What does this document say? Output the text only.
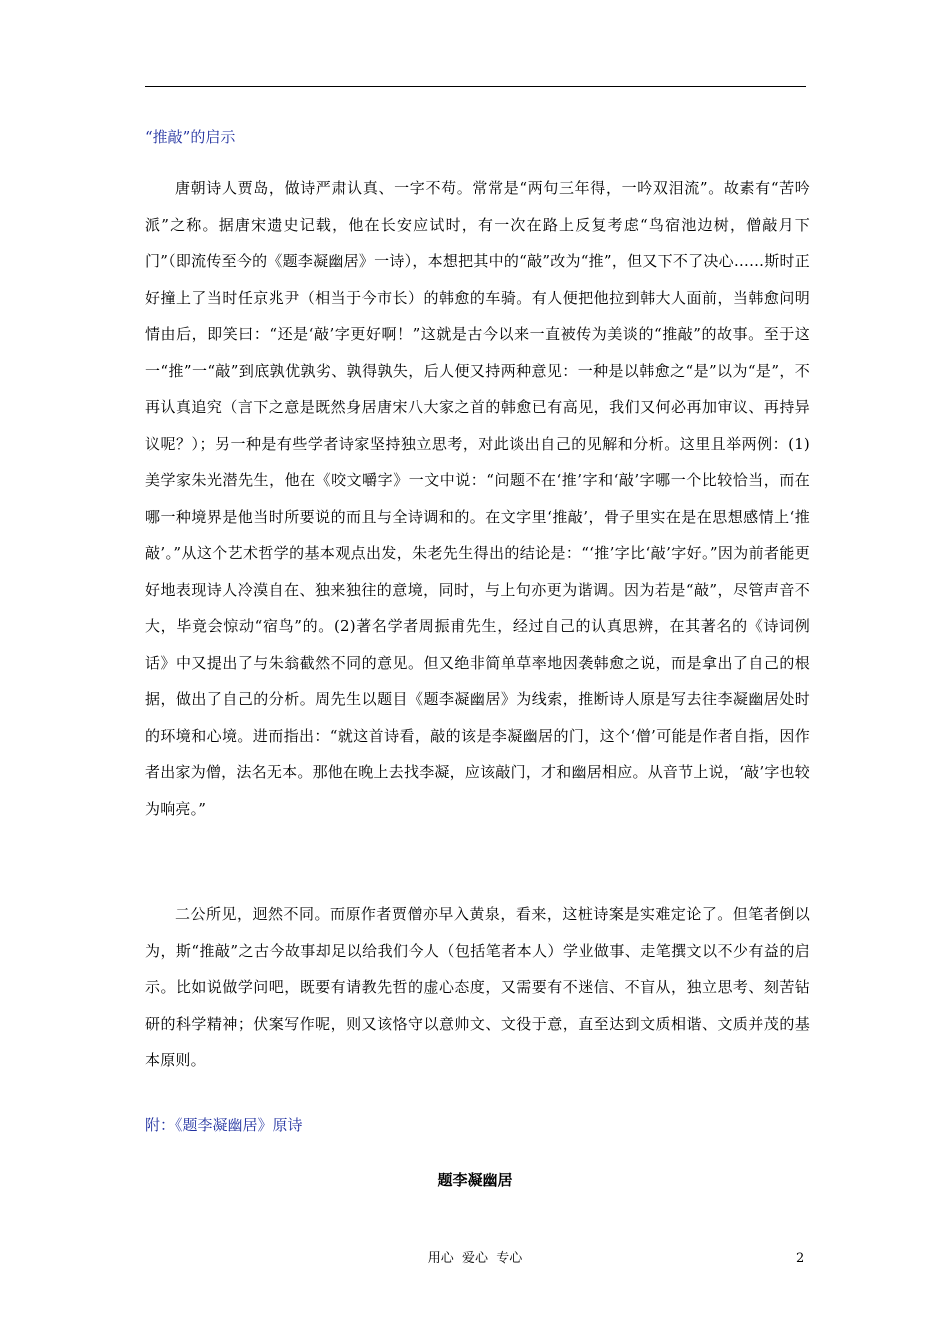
“推敲”的启示

唐朝诗人贾岛，做诗严肃认真、一字不苟。常常是“两句三年得，一吟双泪流”。故素有“苦吟派”之称。据唐宋遗史记载，他在长安应试时，有一次在路上反复考虑“鸟宿池边树，僧敲月下门”（即流传至今的《题李凝幽居》一诗），本想把其中的“敲”改为“推”，但又下不了决心……斯时正好撞上了当时任京兆尹（相当于今市长）的韩愈的车骑。有人便把他拉到韩大人面前，当韩愈问明情由后，即笑曰：“还是‘敲’字更好啊！”这就是古今以来一直被传为美谈的“推敲”的故事。至于这一“推”一“敲”到底孰优孰劣、孰得孰失，后人便又持两种意见：一种是以韩愈之“是”以为“是”，不再认真追究（言下之意是既然身居唐宋八大家之首的韩愈已有高见，我们又何必再加审议、再持异议呢？）；另一种是有些学者诗家坚持独立思考，对此谈出自己的见解和分析。这里且举两例：(1)美学家朱光潜先生，他在《咬文嚼字》一文中说：“问题不在‘推’字和‘敲’字哪一个比较恰当，而在哪一种境界是他当时所要说的而且与全诗调和的。在文字里‘推敲’，骨子里实在是在思想感情上‘推敲’。”从这个艺术哲学的基本观点出发，朱老先生得出的结论是：“‘推’字比‘敲’字好。”因为前者能更好地表现诗人冷漠自在、独来独往的意境，同时，与上句亦更为谐调。因为若是“敲”，尽管声音不大，毕竟会惊动“宿鸟”的。(2)著名学者周振甫先生，经过自己的认真思辨，在其著名的《诗词例话》中又提出了与朱翁截然不同的意见。但又绝非简单草率地因袭韩愈之说，而是拿出了自己的根据，做出了自己的分析。周先生以题目《题李凝幽居》为线索，推断诗人原是写去往李凝幽居处时的环境和心境。进而指出：“就这首诗看，敲的该是李凝幽居的门，这个‘僧’可能是作者自指，因作者出家为僧，法名无本。那他在晚上去找李凝，应该敲门，才和幽居相应。从音节上说，‘敲’字也较为响亮。”

二公所见，迥然不同。而原作者贾僧亦早入黄泉，看来，这桩诗案是实难定论了。但笔者倒以为，斯“推敲”之古今故事却足以给我们今人（包括笔者本人）学业做事、走笔撰文以不少有益的启示。比如说做学问吧，既要有请教先哲的虚心态度，又需要有不迷信、不盲从，独立思考、刻苦钻研的科学精神；伏案写作呢，则又该恪守以意帅文、文役于意，直至达到文质相谐、文质并茂的基本原则。

附：《题李凝幽居》原诗
题李凝幽居
用心  爱心  专心	2
